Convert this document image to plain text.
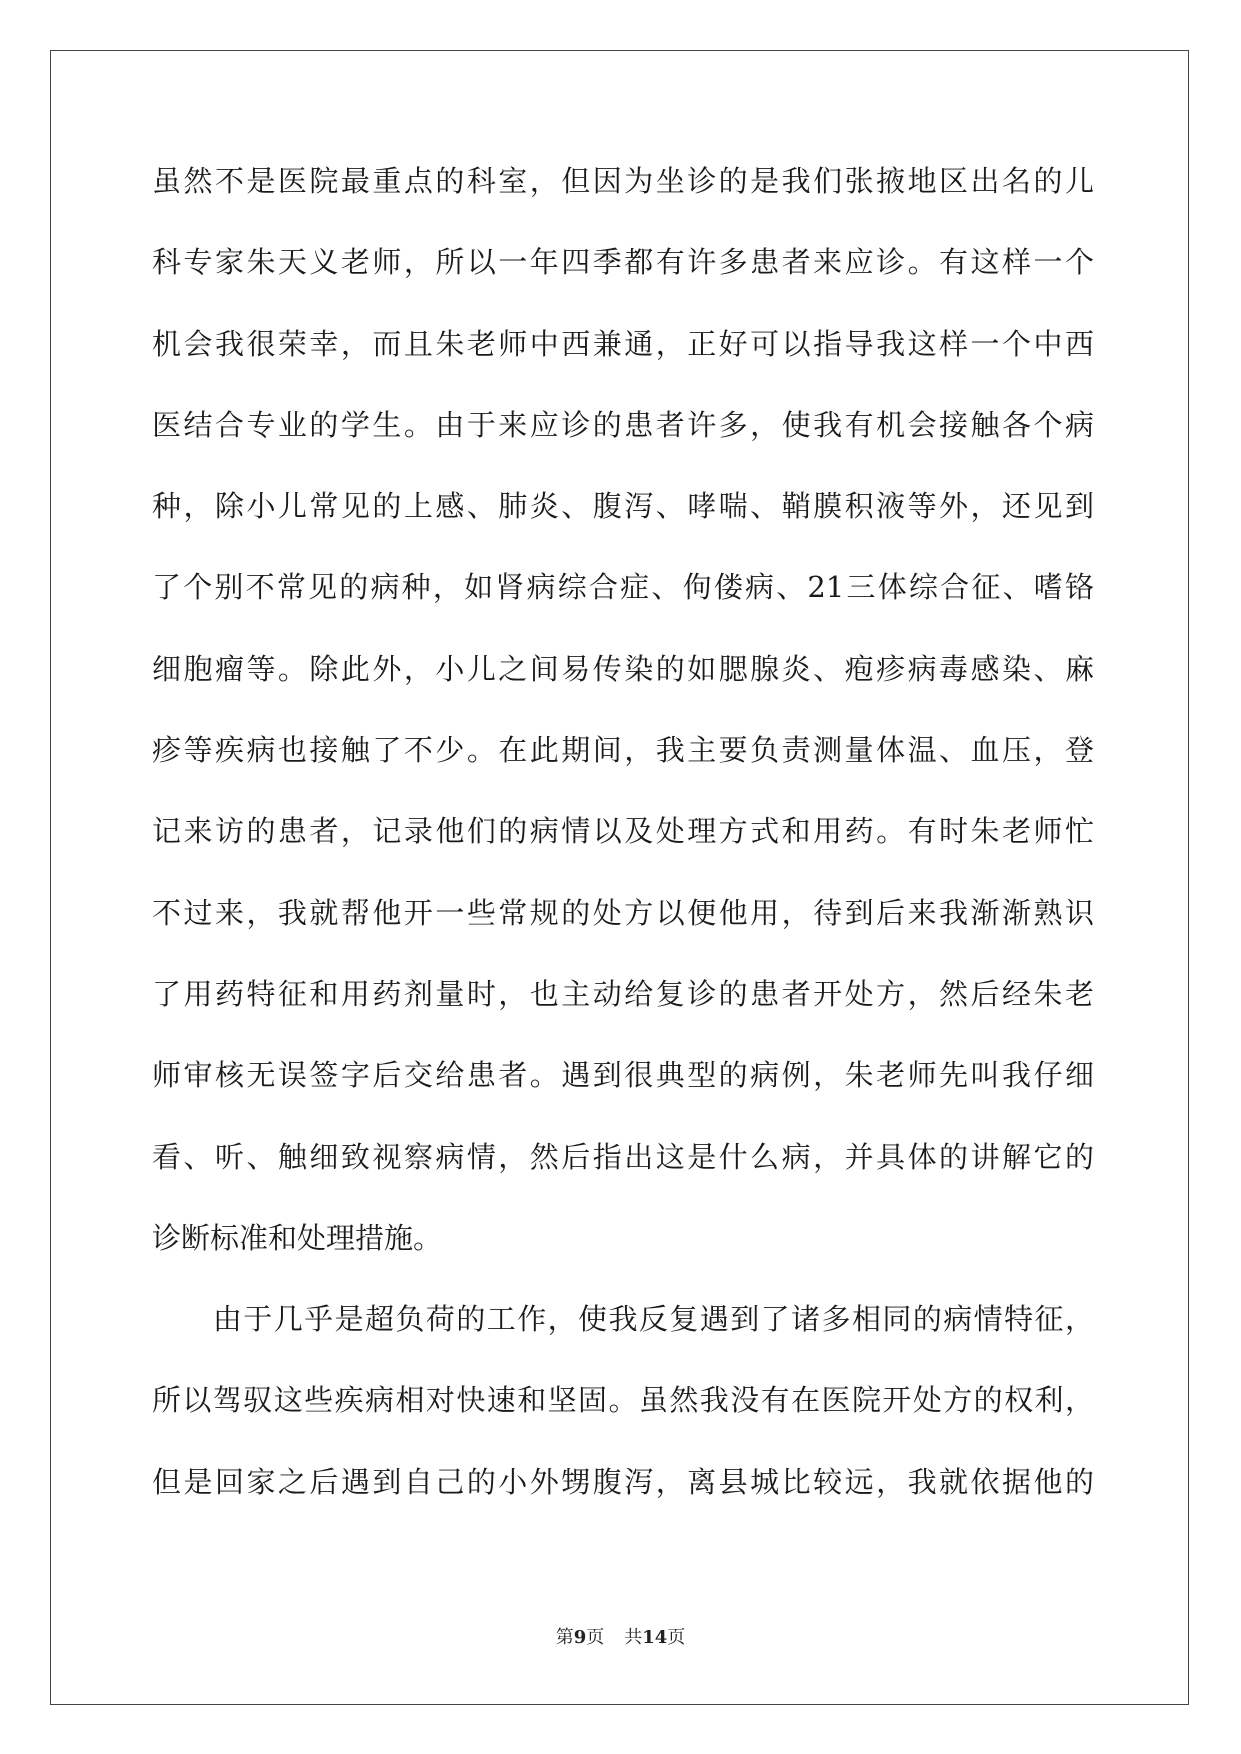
虽然不是医院最重点的科室，但因为坐诊的是我们张掖地区出名的儿
科专家朱天义老师，所以一年四季都有许多患者来应诊。有这样一个
机会我很荣幸，而且朱老师中西兼通，正好可以指导我这样一个中西
医结合专业的学生。由于来应诊的患者许多，使我有机会接触各个病
种，除小儿常见的上感、肺炎、腹泻、哮喘、鞘膜积液等外，还见到
了个别不常见的病种，如肾病综合症、佝偻病、21三体综合征、嗜铬
细胞瘤等。除此外，小儿之间易传染的如腮腺炎、疱疹病毒感染、麻
疹等疾病也接触了不少。在此期间，我主要负责测量体温、血压，登
记来访的患者，记录他们的病情以及处理方式和用药。有时朱老师忙
不过来，我就帮他开一些常规的处方以便他用，待到后来我渐渐熟识
了用药特征和用药剂量时，也主动给复诊的患者开处方，然后经朱老
师审核无误签字后交给患者。遇到很典型的病例，朱老师先叫我仔细
看、听、触细致视察病情，然后指出这是什么病，并具体的讲解它的
诊断标准和处理措施。
　　由于几乎是超负荷的工作，使我反复遇到了诸多相同的病情特征，
所以驾驭这些疾病相对快速和坚固。虽然我没有在医院开处方的权利，
但是回家之后遇到自己的小外甥腹泻，离县城比较远，我就依据他的
第9页 共14页
